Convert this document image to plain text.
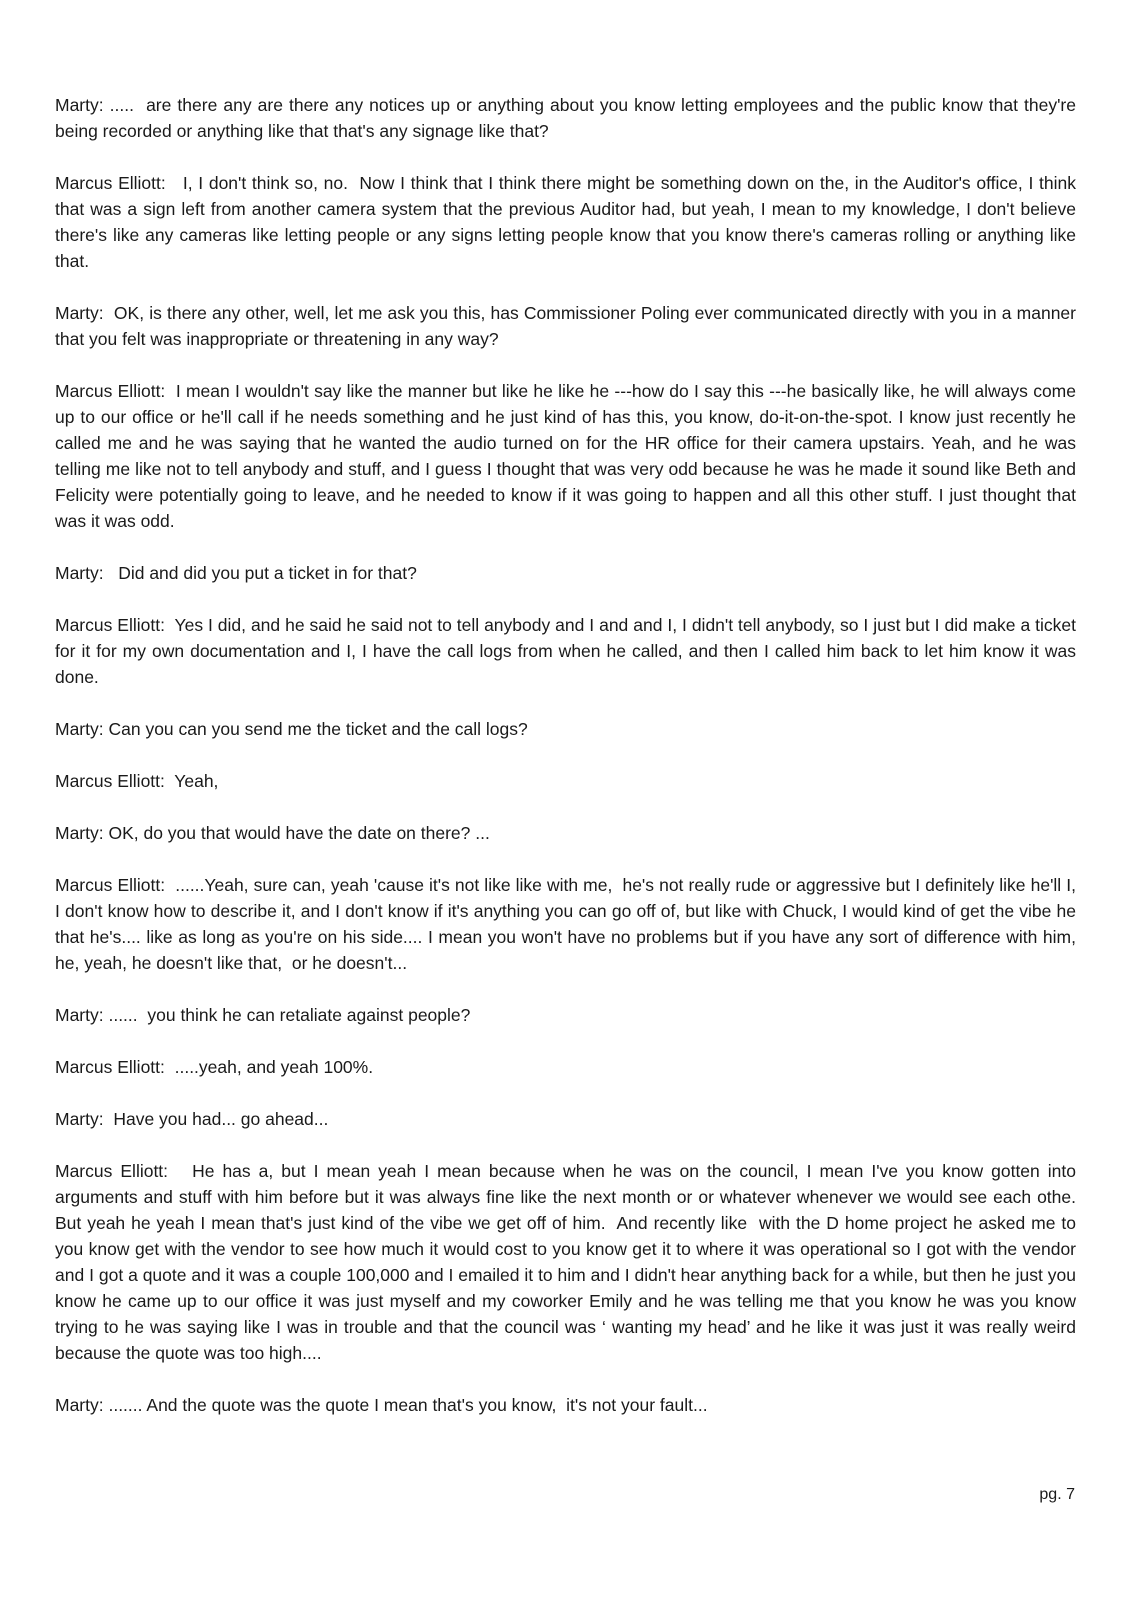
Marty: .....  are there any are there any notices up or anything about you know letting employees and the public know that they're being recorded or anything like that that's any signage like that?

Marcus Elliott:   I, I don't think so, no.  Now I think that I think there might be something down on the, in the Auditor's office, I think that was a sign left from another camera system that the previous Auditor had, but yeah, I mean to my knowledge, I don't believe there's like any cameras like letting people or any signs letting people know that you know there's cameras rolling or anything like that.

Marty:  OK, is there any other, well, let me ask you this, has Commissioner Poling ever communicated directly with you in a manner that you felt was inappropriate or threatening in any way?

Marcus Elliott:  I mean I wouldn't say like the manner but like he like he ---how do I say this ---he basically like, he will always come up to our office or he'll call if he needs something and he just kind of has this, you know, do-it-on-the-spot. I know just recently he called me and he was saying that he wanted the audio turned on for the HR office for their camera upstairs. Yeah, and he was telling me like not to tell anybody and stuff, and I guess I thought that was very odd because he was he made it sound like Beth and Felicity were potentially going to leave, and he needed to know if it was going to happen and all this other stuff. I just thought that was it was odd.

Marty:   Did and did you put a ticket in for that?

Marcus Elliott:  Yes I did, and he said he said not to tell anybody and I and and I, I didn't tell anybody, so I just but I did make a ticket for it for my own documentation and I, I have the call logs from when he called, and then I called him back to let him know it was done.

Marty: Can you can you send me the ticket and the call logs?

Marcus Elliott:  Yeah,

Marty: OK, do you that would have the date on there? ...

Marcus Elliott:  ......Yeah, sure can, yeah 'cause it's not like like with me,  he's not really rude or aggressive but I definitely like he'll I, I don't know how to describe it, and I don't know if it's anything you can go off of, but like with Chuck, I would kind of get the vibe he that he's.... like as long as you're on his side.... I mean you won't have no problems but if you have any sort of difference with him,  he, yeah, he doesn't like that,  or he doesn't...

Marty: ......  you think he can retaliate against people?

Marcus Elliott:  .....yeah, and yeah 100%.

Marty:  Have you had... go ahead...

Marcus Elliott:   He has a, but I mean yeah I mean because when he was on the council, I mean I've you know gotten into arguments and stuff with him before but it was always fine like the next month or or whatever whenever we would see each othe.  But yeah he yeah I mean that's just kind of the vibe we get off of him.  And recently like  with the D home project he asked me to you know get with the vendor to see how much it would cost to you know get it to where it was operational so I got with the vendor and I got a quote and it was a couple 100,000 and I emailed it to him and I didn't hear anything back for a while, but then he just you know he came up to our office it was just myself and my coworker Emily and he was telling me that you know he was you know trying to he was saying like I was in trouble and that the council was ‘ wanting my head’ and he like it was just it was really weird because the quote was too high....

Marty: ....... And the quote was the quote I mean that's you know,  it's not your fault...

pg. 7
